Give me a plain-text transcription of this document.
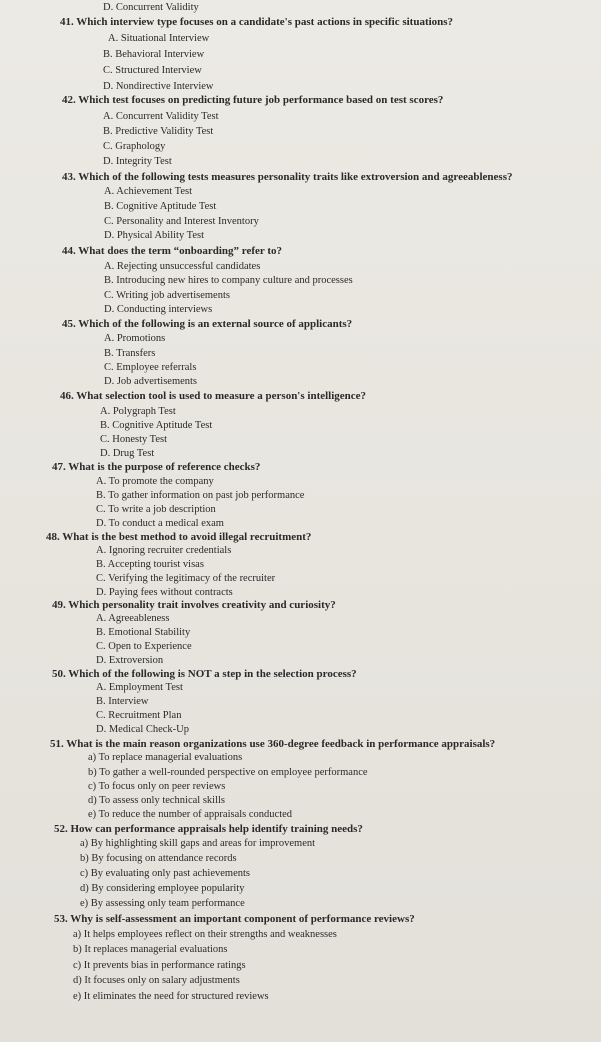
D. Concurrent Validity
41. Which interview type focuses on a candidate's past actions in specific situations?
A. Situational Interview
B. Behavioral Interview
C. Structured Interview
D. Nondirective Interview
42. Which test focuses on predicting future job performance based on test scores?
A. Concurrent Validity Test
B. Predictive Validity Test
C. Graphology
D. Integrity Test
43. Which of the following tests measures personality traits like extroversion and agreeableness?
A. Achievement Test
B. Cognitive Aptitude Test
C. Personality and Interest Inventory
D. Physical Ability Test
44. What does the term “onboarding” refer to?
A. Rejecting unsuccessful candidates
B. Introducing new hires to company culture and processes
C. Writing job advertisements
D. Conducting interviews
45. Which of the following is an external source of applicants?
A. Promotions
B. Transfers
C. Employee referrals
D. Job advertisements
46. What selection tool is used to measure a person's intelligence?
A. Polygraph Test
B. Cognitive Aptitude Test
C. Honesty Test
D. Drug Test
47. What is the purpose of reference checks?
A. To promote the company
B. To gather information on past job performance
C. To write a job description
D. To conduct a medical exam
48. What is the best method to avoid illegal recruitment?
A. Ignoring recruiter credentials
B. Accepting tourist visas
C. Verifying the legitimacy of the recruiter
D. Paying fees without contracts
49. Which personality trait involves creativity and curiosity?
A. Agreeableness
B. Emotional Stability
C. Open to Experience
D. Extroversion
50. Which of the following is NOT a step in the selection process?
A. Employment Test
B. Interview
C. Recruitment Plan
D. Medical Check-Up
51. What is the main reason organizations use 360-degree feedback in performance appraisals?
a) To replace managerial evaluations
b) To gather a well-rounded perspective on employee performance
c) To focus only on peer reviews
d) To assess only technical skills
e) To reduce the number of appraisals conducted
52. How can performance appraisals help identify training needs?
a) By highlighting skill gaps and areas for improvement
b) By focusing on attendance records
c) By evaluating only past achievements
d) By considering employee popularity
e) By assessing only team performance
53. Why is self-assessment an important component of performance reviews?
a) It helps employees reflect on their strengths and weaknesses
b) It replaces managerial evaluations
c) It prevents bias in performance ratings
d) It focuses only on salary adjustments
e) It eliminates the need for structured reviews
